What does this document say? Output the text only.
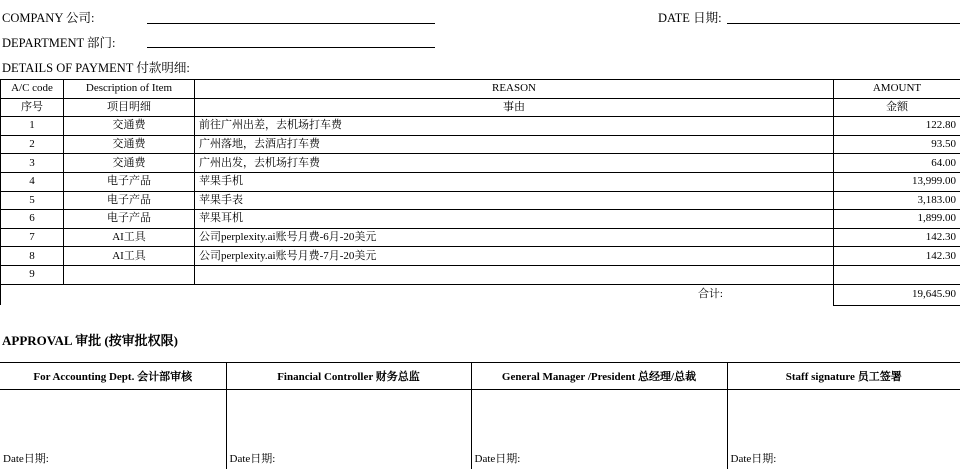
COMPANY 公司:	DATE 日期:
DEPARTMENT 部门:
DETAILS OF PAYMENT 付款明细:
A/C code	Description of Item	REASON	AMOUNT
序号	项目明细	事由	金额
1	交通费	前往广州出差，去机场打车费	122.80
2	交通费	广州落地，去酒店打车费	93.50
3	交通费	广州出发，去机场打车费	64.00
4	电子产品	苹果手机	13,999.00
5	电子产品	苹果手表	3,183.00
6	电子产品	苹果耳机	1,899.00
7	AI工具	公司perplexity.ai账号月费-6月-20美元	142.30
8	AI工具	公司perplexity.ai账号月费-7月-20美元	142.30
9			
		合计:	19,645.90
APPROVAL 审批 (按审批权限)
For Accounting Dept. 会计部审核	Financial Controller 财务总监	General Manager /President 总经理/总裁	Staff signature 员工签署
Date日期:	Date日期:	Date日期:	Date日期:
